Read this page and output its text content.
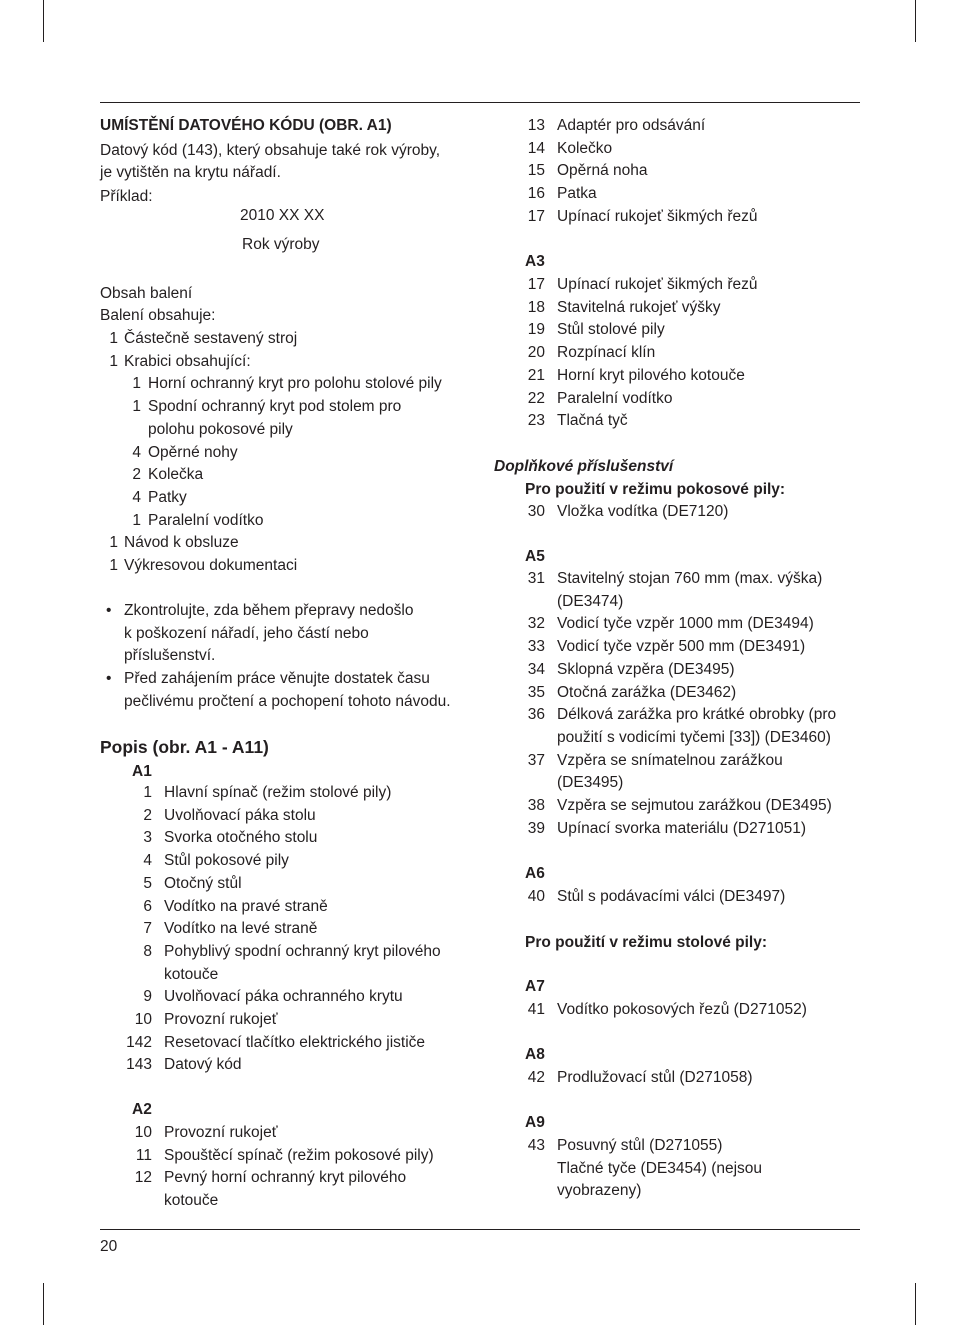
UMÍSTĚNÍ DATOVÉHO KÓDU (OBR. A1)
Datový kód (143), který obsahuje také rok výroby,
je vytištěn na krytu nářadí.
Příklad:
2010 XX XX
Rok výroby
Obsah balení
Balení obsahuje:
1 Částečně sestavený stroj
1 Krabici obsahující:
1 Horní ochranný kryt pro polohu stolové pily
1 Spodní ochranný kryt pod stolem pro
polohu pokosové pily
4 Opěrné nohy
2 Kolečka
4 Patky
1 Paralelní vodítko
1 Návod k obsluze
1 Výkresovou dokumentaci
• Zkontrolujte, zda během přepravy nedošlo
k poškození nářadí, jeho částí nebo
příslušenství.
• Před zahájením práce věnujte dostatek času
pečlivému pročtení a pochopení tohoto návodu.
Popis (obr. A1 - A11)
A1
1 Hlavní spínač (režim stolové pily)
2 Uvolňovací páka stolu
3 Svorka otočného stolu
4 Stůl pokosové pily
5 Otočný stůl
6 Vodítko na pravé straně
7 Vodítko na levé straně
8 Pohyblivý spodní ochranný kryt pilového
kotouče
9 Uvolňovací páka ochranného krytu
10 Provozní rukojeť
142 Resetovací tlačítko elektrického jističe
143 Datový kód
A2
10 Provozní rukojeť
11 Spouštěcí spínač (režim pokosové pily)
12 Pevný horní ochranný kryt pilového
kotouče
13 Adaptér pro odsávání
14 Kolečko
15 Opěrná noha
16 Patka
17 Upínací rukojeť šikmých řezů
A3
17 Upínací rukojeť šikmých řezů
18 Stavitelná rukojeť výšky
19 Stůl stolové pily
20 Rozpínací klín
21 Horní kryt pilového kotouče
22 Paralelní vodítko
23 Tlačná tyč
Doplňkové příslušenství
Pro použití v režimu pokosové pily:
30 Vložka vodítka (DE7120)
A5
31 Stavitelný stojan 760 mm (max. výška)
(DE3474)
32 Vodicí tyče vzpěr 1000 mm (DE3494)
33 Vodicí tyče vzpěr 500 mm (DE3491)
34 Sklopná vzpěra (DE3495)
35 Otočná zarážka (DE3462)
36 Délková zarážka pro krátké obrobky (pro
použití s vodicími tyčemi [33]) (DE3460)
37 Vzpěra se snímatelnou zarážkou
(DE3495)
38 Vzpěra se sejmutou zarážkou (DE3495)
39 Upínací svorka materiálu (D271051)
A6
40 Stůl s podávacími válci (DE3497)
Pro použití v režimu stolové pily:
A7
41 Vodítko pokosových řezů (D271052)
A8
42 Prodlužovací stůl (D271058)
A9
43 Posuvný stůl (D271055)
Tlačné tyče (DE3454) (nejsou
vyobrazeny)
20
